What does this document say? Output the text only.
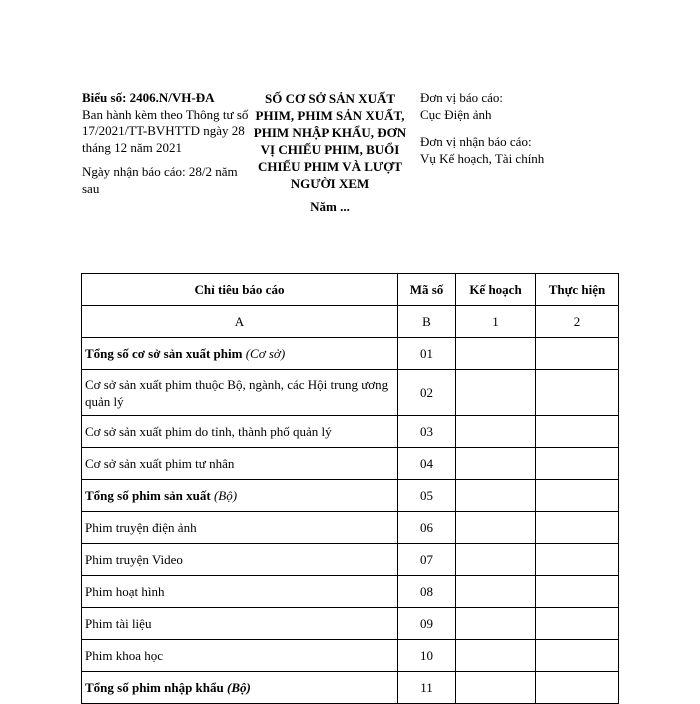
Biểu số: 2406.N/VH-ĐA
Ban hành kèm theo Thông tư số 17/2021/TT-BVHTTD ngày 28 tháng 12 năm 2021
Ngày nhận báo cáo: 28/2 năm sau
SỐ CƠ SỞ SẢN XUẤT PHIM, PHIM SẢN XUẤT, PHIM NHẬP KHẨU, ĐƠN VỊ CHIẾU PHIM, BUỔI CHIẾU PHIM VÀ LƯỢT NGƯỜI XEM
Năm ...
Đơn vị báo cáo:
Cục Điện ảnh
Đơn vị nhận báo cáo:
Vụ Kế hoạch, Tài chính
Chỉ tiêu báo cáo	Mã số	Kế hoạch	Thực hiện
A	B	1	2
Tổng số cơ sở sản xuất phim (Cơ sở)	01		
Cơ sở sản xuất phim thuộc Bộ, ngành, các Hội trung ương quản lý	02		
Cơ sở sản xuất phim do tỉnh, thành phố quản lý	03		
Cơ sở sản xuất phim tư nhân	04		
Tổng số phim sản xuất (Bộ)	05		
Phim truyện điện ảnh	06		
Phim truyện Video	07		
Phim hoạt hình	08		
Phim tài liệu	09		
Phim khoa học	10		
Tổng số phim nhập khẩu (Bộ)	11		
